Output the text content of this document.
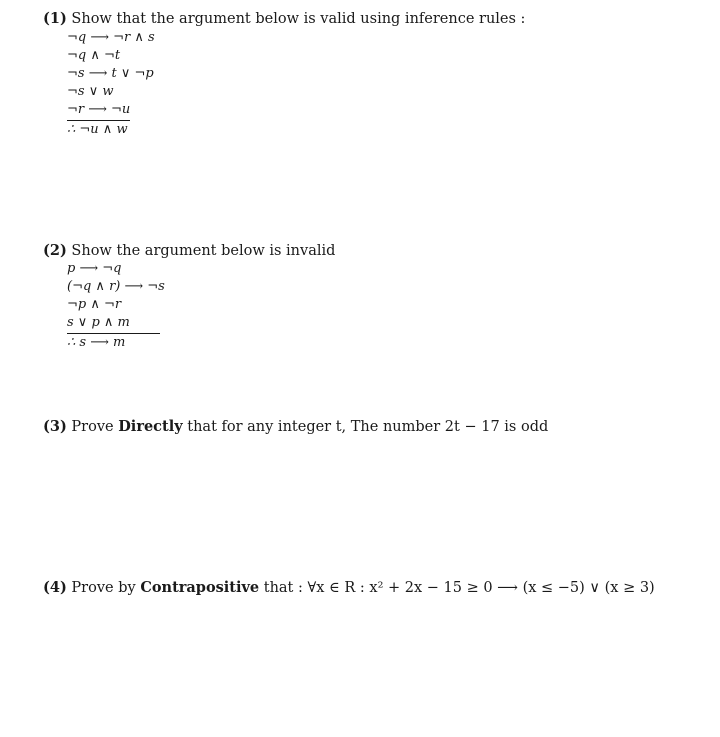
(1) Show that the argument below is valid using inference rules :
¬q ⟶ ¬r ∧ s
¬q ∧ ¬t
¬s ⟶ t ∨ ¬p
¬s ∨ w
¬r ⟶ ¬u
∴ ¬u ∧ w
(2) Show the argument below is invalid
p ⟶ ¬q
(¬q ∧ r) ⟶ ¬s
¬p ∧ ¬r
s ∨ p ∧ m
∴ s ⟶ m
(3) Prove Directly that for any integer t, The number 2t − 17 is odd
(4) Prove by Contrapositive that : ∀x ∈ R : x² + 2x − 15 ≥ 0 ⟶ (x ≤ −5) ∨ (x ≥ 3)
